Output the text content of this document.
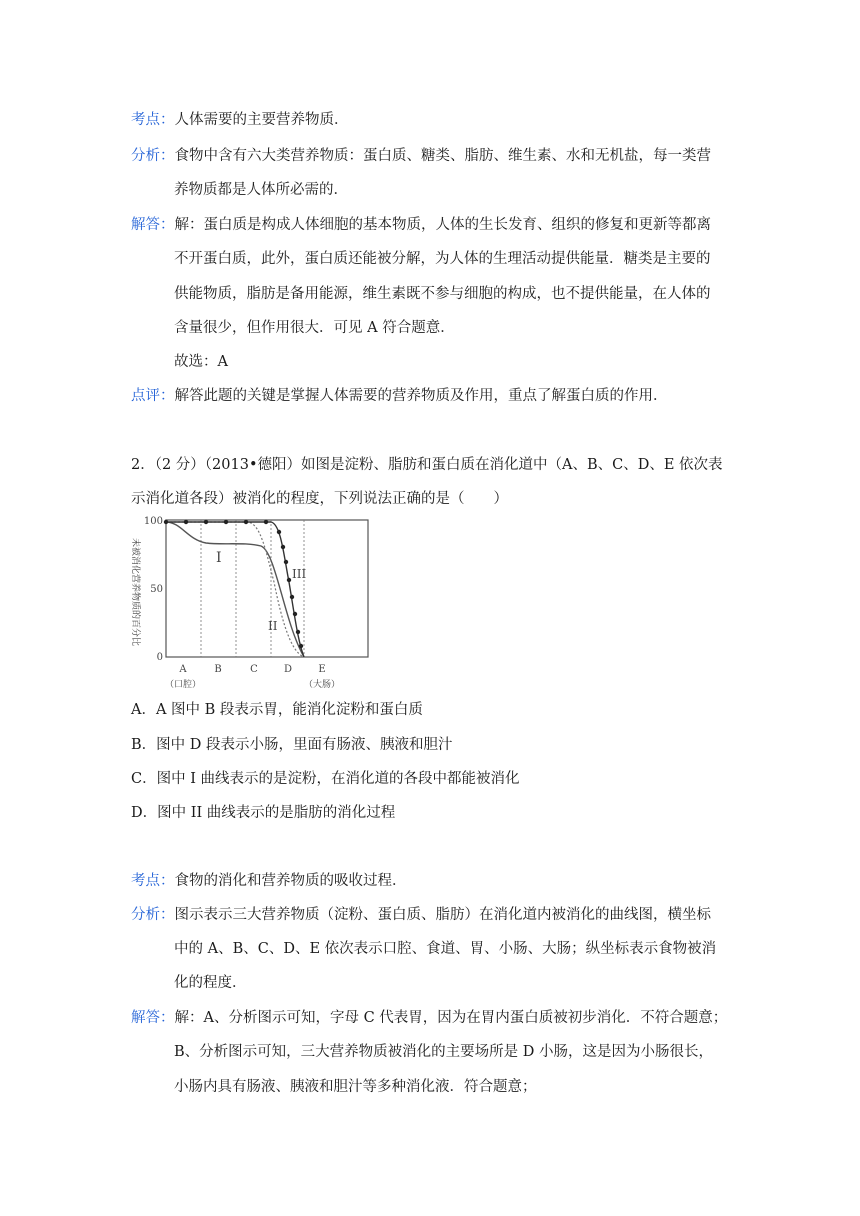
考点：人体需要的主要营养物质．
分析：食物中含有六大类营养物质：蛋白质、糖类、脂肪、维生素、水和无机盐，每一类营
养物质都是人体所必需的．
解答：解：蛋白质是构成人体细胞的基本物质，人体的生长发育、组织的修复和更新等都离
不开蛋白质，此外，蛋白质还能被分解，为人体的生理活动提供能量．糖类是主要的
供能物质，脂肪是备用能源，维生素既不参与细胞的构成，也不提供能量，在人体的
含量很少，但作用很大．可见 A 符合题意．
故选：A
点评：解答此题的关键是掌握人体需要的营养物质及作用，重点了解蛋白质的作用．
2．（2 分）（2013•德阳）如图是淀粉、脂肪和蛋白质在消化道中（A、B、C、D、E 依次表
示消化道各段）被消化的程度，下列说法正确的是（　　）
未被消化营养物质的百分比
100
50
0
I
II
III
A	B	C	D	E
（口腔）	（大肠）
A．A 图中 B 段表示胃，能消化淀粉和蛋白质
B．图中 D 段表示小肠，里面有肠液、胰液和胆汁
C．图中 I 曲线表示的是淀粉，在消化道的各段中都能被消化
D．图中 II 曲线表示的是脂肪的消化过程
考点：食物的消化和营养物质的吸收过程．
分析：图示表示三大营养物质（淀粉、蛋白质、脂肪）在消化道内被消化的曲线图，横坐标
中的 A、B、C、D、E 依次表示口腔、食道、胃、小肠、大肠；纵坐标表示食物被消
化的程度．
解答：解：A、分析图示可知，字母 C 代表胃，因为在胃内蛋白质被初步消化．不符合题意；
B、分析图示可知，三大营养物质被消化的主要场所是 D 小肠，这是因为小肠很长，
小肠内具有肠液、胰液和胆汁等多种消化液．符合题意；
